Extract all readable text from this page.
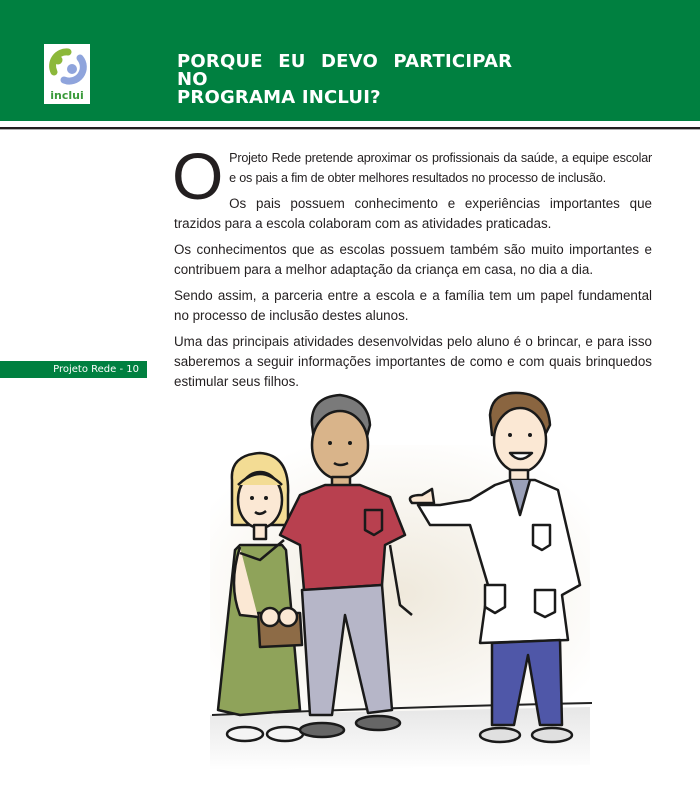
inclui
PORQUE EU DEVO PARTICIPAR NO
PROGRAMA INCLUI?

O Projeto Rede pretende aproximar os profissionais da saúde, a equipe escolar e os pais a fim de obter melhores resultados no processo de inclusão.

Os pais possuem conhecimento e experiências importantes que trazidos para a escola colaboram com as atividades praticadas.

Os conhecimentos que as escolas possuem também são muito importantes e contribuem para a melhor adaptação da criança em casa, no dia a dia.

Sendo assim, a parceria entre a escola e a família tem um papel fundamental no processo de inclusão destes alunos.

Uma das principais atividades desenvolvidas pelo aluno é o brincar, e para isso saberemos a seguir informações importantes de como e com quais brinquedos estimular seus filhos.

Projeto Rede - 10
